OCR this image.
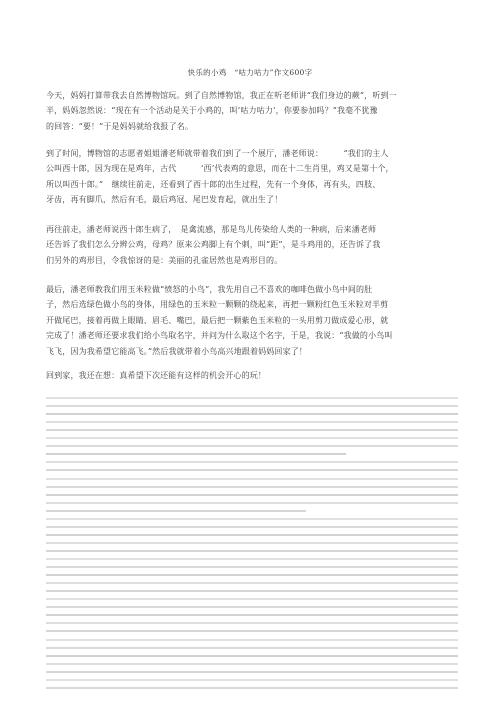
快乐的小鸡　“咕力咕力”作文600字
今天，妈妈打算带我去自然博物馆玩。到了自然博物馆，我正在听老师讲“我们身边的蕨”，听到一
半，妈妈忽然说：“现在有一个活动是关于小鸡的，叫‘咕力咕力’，你要参加吗？”我毫不犹豫
的回答：“要！”于是妈妈就给我报了名。
到了时间，博物馆的志愿者姐姐潘老师就带着我们到了一个展厅，潘老师说：　　　“我们的主人
公叫西十郎，因为现在是鸡年，古代　　　‘西’代表鸡的意思，而在十二生肖里，鸡又是第十个，
所以叫西十郎。”　继续往前走，还看到了西十郎的出生过程，先有一个身体，再有头，四肢、
牙齿，再有脚爪，然后有毛，最后鸡冠、尾巴发育起，就出生了！
再往前走，潘老师说西十郎生病了，　是禽流感，那是鸟儿传染给人类的一种病，后来潘老师
还告诉了我们怎么分辨公鸡，母鸡？原来公鸡脚上有个刺，叫“距”，是斗鸡用的，还告诉了我
们另外的鸡形目，令我惊讶的是：美丽的孔雀居然也是鸡形目的。
最后，潘老师教我们用玉米粒做“愤怒的小鸟”，我先用自己不喜欢的咖啡色做小鸟中间的肚
子，然后选绿色做小鸟的身体，用绿色的玉米粒一颗颗的绕起来，再把一颗粉红色玉米粒对半剪
开做尾巴，接着再做上眼睛、眉毛、嘴巴，最后把一颗紫色玉米粒的一头用剪刀做成爱心形，就
完成了！潘老师还要求我们给小鸟取名字，并问为什么取这个名字，于是，我说：“我做的小鸟叫
飞飞，因为我希望它能高飞。”然后我就带着小鸟高兴地跟着妈妈回家了！
回到家，我还在想：真希望下次还能有这样的机会开心的玩！
